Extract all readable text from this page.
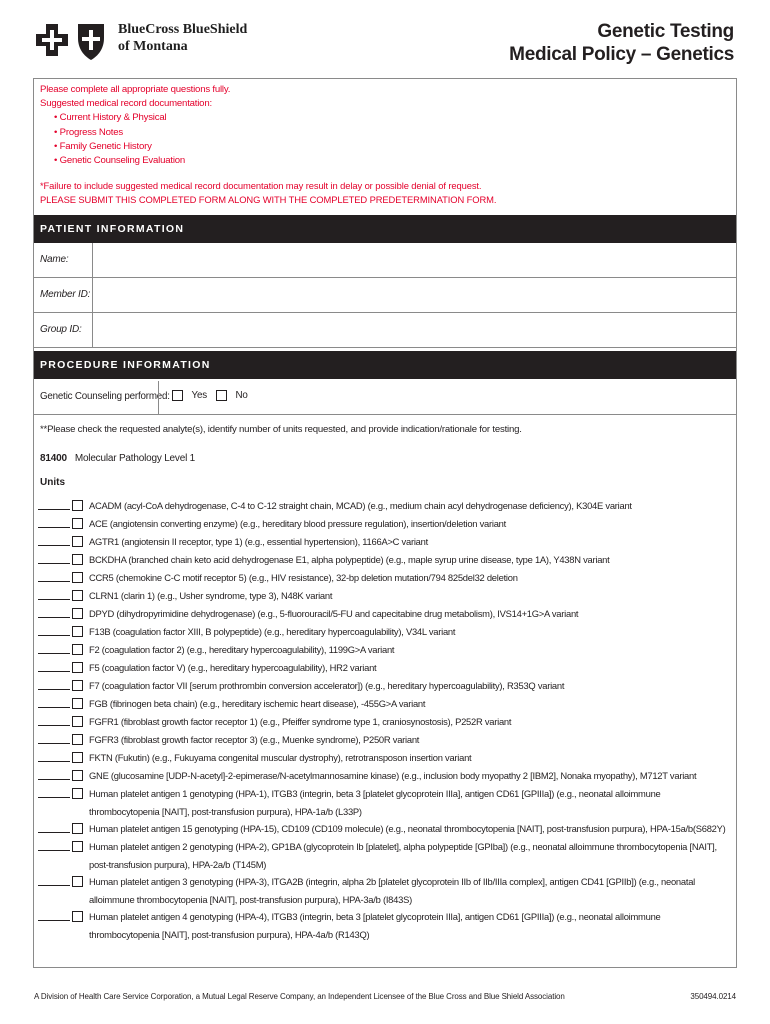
BlueCross BlueShield
of Montana
Genetic Testing
Medical Policy – Genetics
Please complete all appropriate questions fully.
Suggested medical record documentation:
• Current History & Physical
• Progress Notes
• Family Genetic History
• Genetic Counseling Evaluation
*Failure to include suggested medical record documentation may result in delay or possible denial of request.
PLEASE SUBMIT THIS COMPLETED FORM ALONG WITH THE COMPLETED PREDETERMINATION FORM.
PATIENT INFORMATION
Name:
Member ID:
Group ID:
PROCEDURE INFORMATION
Genetic Counseling performed:	Yes	No
**Please check the requested analyte(s), identify number of units requested, and provide indication/rationale for testing.
81400 Molecular Pathology Level 1
Units
ACADM (acyl-CoA dehydrogenase, C-4 to C-12 straight chain, MCAD) (e.g., medium chain acyl dehydrogenase deficiency), K304E variant
ACE (angiotensin converting enzyme) (e.g., hereditary blood pressure regulation), insertion/deletion variant
AGTR1 (angiotensin II receptor, type 1) (e.g., essential hypertension), 1166A>C variant
BCKDHA (branched chain keto acid dehydrogenase E1, alpha polypeptide) (e.g., maple syrup urine disease, type 1A), Y438N variant
CCR5 (chemokine C-C motif receptor 5) (e.g., HIV resistance), 32-bp deletion mutation/794 825del32 deletion
CLRN1 (clarin 1) (e.g., Usher syndrome, type 3), N48K variant
DPYD (dihydropyrimidine dehydrogenase) (e.g., 5-fluorouracil/5-FU and capecitabine drug metabolism), IVS14+1G>A variant
F13B (coagulation factor XIII, B polypeptide) (e.g., hereditary hypercoagulability), V34L variant
F2 (coagulation factor 2) (e.g., hereditary hypercoagulability), 1199G>A variant
F5 (coagulation factor V) (e.g., hereditary hypercoagulability), HR2 variant
F7 (coagulation factor VII [serum prothrombin conversion accelerator]) (e.g., hereditary hypercoagulability), R353Q variant
FGB (fibrinogen beta chain) (e.g., hereditary ischemic heart disease), -455G>A variant
FGFR1 (fibroblast growth factor receptor 1) (e.g., Pfeiffer syndrome type 1, craniosynostosis), P252R variant
FGFR3 (fibroblast growth factor receptor 3) (e.g., Muenke syndrome), P250R variant
FKTN (Fukutin) (e.g., Fukuyama congenital muscular dystrophy), retrotransposon insertion variant
GNE (glucosamine [UDP-N-acetyl]-2-epimerase/N-acetylmannosamine kinase) (e.g., inclusion body myopathy 2 [IBM2], Nonaka myopathy), M712T variant
Human platelet antigen 1 genotyping (HPA-1), ITGB3 (integrin, beta 3 [platelet glycoprotein IIIa], antigen CD61 [GPIIIa]) (e.g., neonatal alloimmune thrombocytopenia [NAIT], post-transfusion purpura), HPA-1a/b (L33P)
Human platelet antigen 15 genotyping (HPA-15), CD109 (CD109 molecule) (e.g., neonatal thrombocytopenia [NAIT], post-transfusion purpura), HPA-15a/b(S682Y)
Human platelet antigen 2 genotyping (HPA-2), GP1BA (glycoprotein Ib [platelet], alpha polypeptide [GPIba]) (e.g., neonatal alloimmune thrombocytopenia [NAIT], post-transfusion purpura), HPA-2a/b (T145M)
Human platelet antigen 3 genotyping (HPA-3), ITGA2B (integrin, alpha 2b [platelet glycoprotein IIb of IIb/IIIa complex], antigen CD41 [GPIIb]) (e.g., neonatal alloimmune thrombocytopenia [NAIT], post-transfusion purpura), HPA-3a/b (I843S)
Human platelet antigen 4 genotyping (HPA-4), ITGB3 (integrin, beta 3 [platelet glycoprotein IIIa], antigen CD61 [GPIIIa]) (e.g., neonatal alloimmune thrombocytopenia [NAIT], post-transfusion purpura), HPA-4a/b (R143Q)
A Division of Health Care Service Corporation, a Mutual Legal Reserve Company, an Independent Licensee of the Blue Cross and Blue Shield Association	350494.0214
